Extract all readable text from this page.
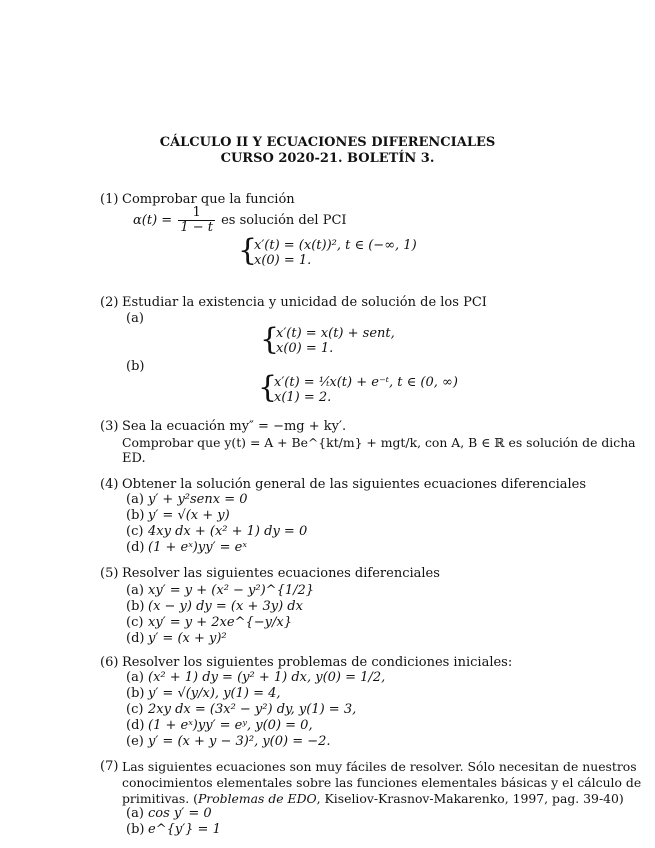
CÁLCULO II Y ECUACIONES DIFERENCIALES
CURSO 2020-21. BOLETÍN 3.
(1) Comprobar que la función
$\alpha(t) = \frac{1}{1 - t}$ es solución del PCI
{
x′(t) = (x(t))², t ∈ (−∞, 1)
x(0) = 1.
(2) Estudiar la existencia y unicidad de solución de los PCI
(a)
{
x′(t) = x(t) + sent,
x(0) = 1.
(b)
{
x′(t) = ¹⁄ₜx(t) + e⁻ᵗ, t ∈ (0, ∞)
x(1) = 2.
(3) Sea la ecuación my″ = −mg + ky′.
Comprobar que y(t) = A + Be^{kt/m} + mgt/k, con A, B ∈ ℝ es solución de dicha
ED.
(4) Obtener la solución general de las siguientes ecuaciones diferenciales
(a) y′ + y²senx = 0
(b) y′ = √(x + y)
(c) 4xy dx + (x² + 1) dy = 0
(d) (1 + eˣ)yy′ = eˣ
(5) Resolver las siguientes ecuaciones diferenciales
(a) xy′ = y + (x² − y²)^{1/2}
(b) (x − y) dy = (x + 3y) dx
(c) xy′ = y + 2xe^{−y/x}
(d) y′ = (x + y)²
(6) Resolver los siguientes problemas de condiciones iniciales:
(a) (x² + 1) dy = (y² + 1) dx, y(0) = 1/2,
(b) y′ = √(y/x), y(1) = 4,
(c) 2xy dx = (3x² − y²) dy, y(1) = 3,
(d) (1 + eˣ)yy′ = eʸ, y(0) = 0,
(e) y′ = (x + y − 3)², y(0) = −2.
(7) Las siguientes ecuaciones son muy fáciles de resolver. Sólo necesitan de nuestros
conocimientos elementales sobre las funciones elementales básicas y el cálculo de
primitivas. (Problemas de EDO, Kiseliov-Krasnov-Makarenko, 1997, pag. 39-40)
(a) cos y′ = 0
(b) e^{y′} = 1
